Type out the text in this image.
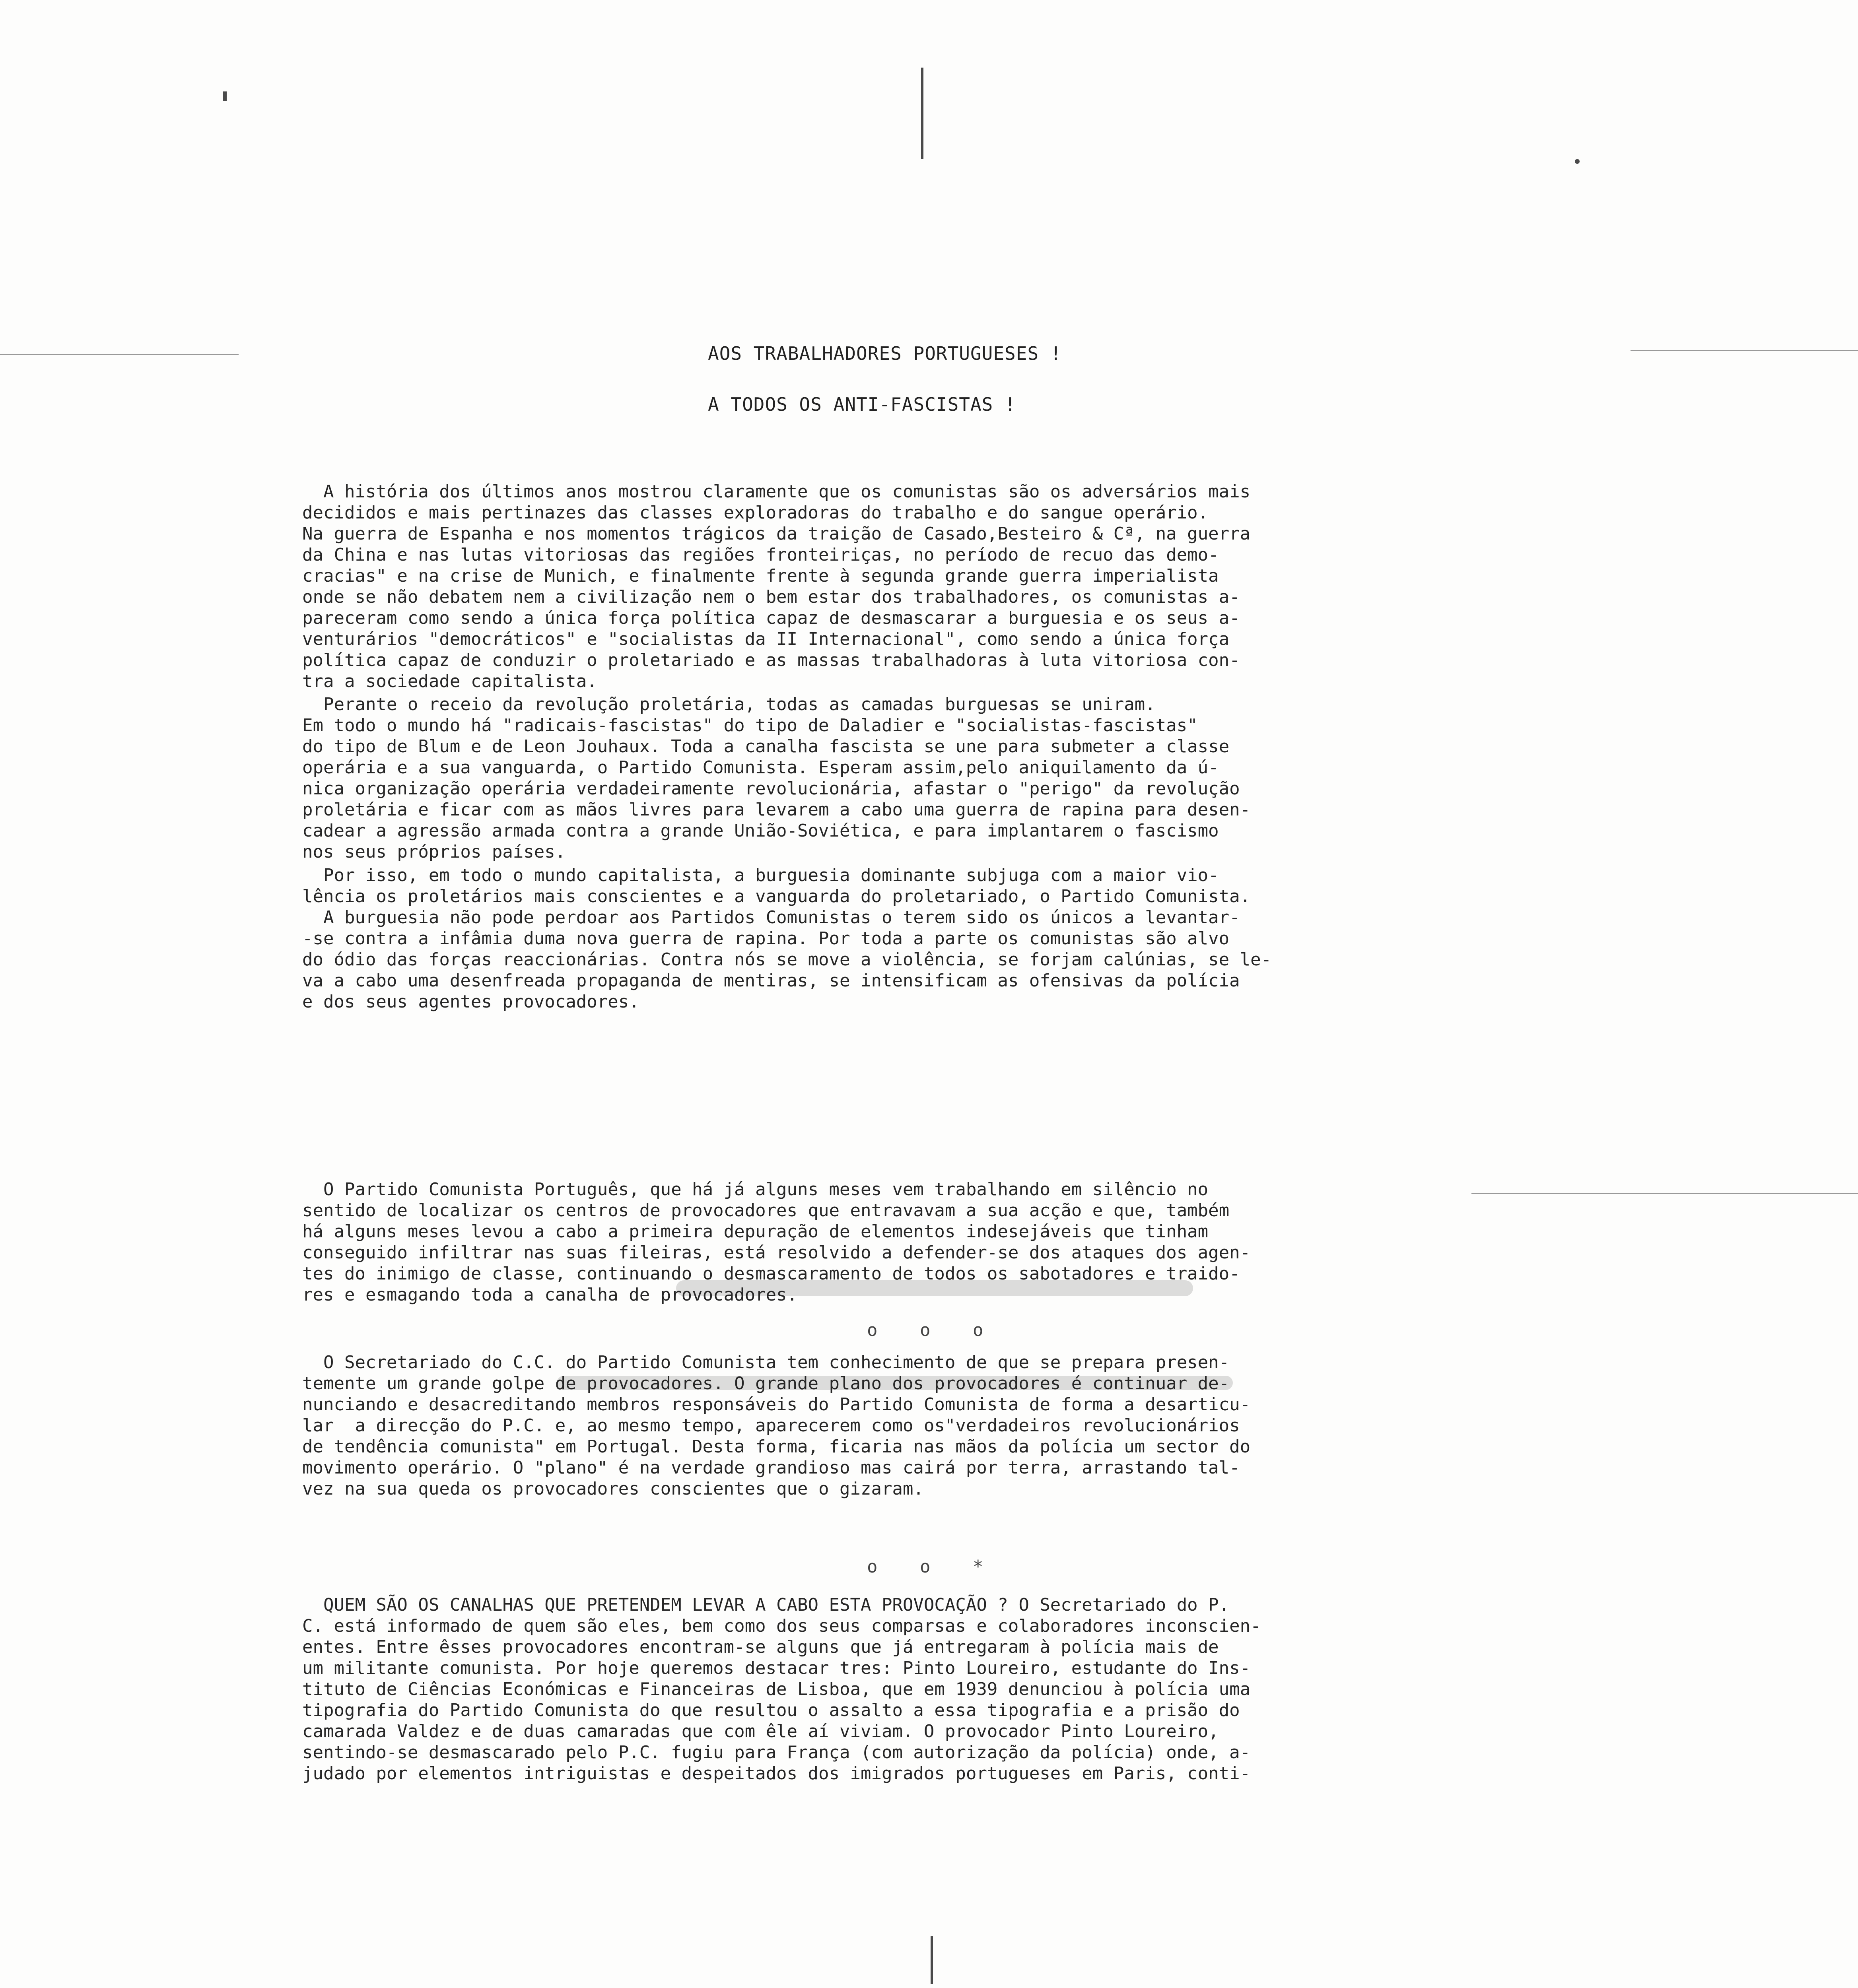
AOS TRABALHADORES PORTUGUESES !
A TODOS OS ANTI-FASCISTAS !
A história dos últimos anos mostrou claramente que os comunistas são os adversários mais
decididos e mais pertinazes das classes exploradoras do trabalho e do sangue operário.
Na guerra de Espanha e nos momentos trágicos da traição de Casado,Besteiro & Cª, na guerra
da China e nas lutas vitoriosas das regiões fronteiriças, no período de recuo das demo-
cracias" e na crise de Munich, e finalmente frente à segunda grande guerra imperialista
onde se não debatem nem a civilização nem o bem estar dos trabalhadores, os comunistas a-
pareceram como sendo a única força política capaz de desmascarar a burguesia e os seus a-
venturários "democráticos" e "socialistas da II Internacional", como sendo a única força
política capaz de conduzir o proletariado e as massas trabalhadoras à luta vitoriosa con-
tra a sociedade capitalista.
Perante o receio da revolução proletária, todas as camadas burguesas se uniram.
Em todo o mundo há "radicais-fascistas" do tipo de Daladier e "socialistas-fascistas"
do tipo de Blum e de Leon Jouhaux. Toda a canalha fascista se une para submeter a classe
operária e a sua vanguarda, o Partido Comunista. Esperam assim,pelo aniquilamento da ú-
nica organização operária verdadeiramente revolucionária, afastar o "perigo" da revolução
proletária e ficar com as mãos livres para levarem a cabo uma guerra de rapina para desen-
cadear a agressão armada contra a grande União-Soviética, e para implantarem o fascismo
nos seus próprios países.
Por isso, em todo o mundo capitalista, a burguesia dominante subjuga com a maior vio-
lência os proletários mais conscientes e a vanguarda do proletariado, o Partido Comunista.
A burguesia não pode perdoar aos Partidos Comunistas o terem sido os únicos a levantar-
-se contra a infâmia duma nova guerra de rapina. Por toda a parte os comunistas são alvo
do ódio das forças reaccionárias. Contra nós se move a violência, se forjam calúnias, se le-
va a cabo uma desenfreada propaganda de mentiras, se intensificam as ofensivas da polícia
e dos seus agentes provocadores.
O Partido Comunista Português, que há já alguns meses vem trabalhando em silêncio no
sentido de localizar os centros de provocadores que entravavam a sua acção e que, também
há alguns meses levou a cabo a primeira depuração de elementos indesejáveis que tinham
conseguido infiltrar nas suas fileiras, está resolvido a defender-se dos ataques dos agen-
tes do inimigo de classe, continuando o desmascaramento de todos os sabotadores e traido-
res e esmagando toda a canalha de provocadores.
o o o
O Secretariado do C.C. do Partido Comunista tem conhecimento de que se prepara presen-
temente um grande golpe de provocadores. O grande plano dos provocadores é continuar de-
nunciando e desacreditando membros responsáveis do Partido Comunista de forma a desarticu-
lar  a direcção do P.C. e, ao mesmo tempo, aparecerem como os"verdadeiros revolucionários
de tendência comunista" em Portugal. Desta forma, ficaria nas mãos da polícia um sector do
movimento operário. O "plano" é na verdade grandioso mas cairá por terra, arrastando tal-
vez na sua queda os provocadores conscientes que o gizaram.
o o *
QUEM SÃO OS CANALHAS QUE PRETENDEM LEVAR A CABO ESTA PROVOCAÇÃO ? O Secretariado do P.
C. está informado de quem são eles, bem como dos seus comparsas e colaboradores inconscien-
entes. Entre êsses provocadores encontram-se alguns que já entregaram à polícia mais de
um militante comunista. Por hoje queremos destacar tres: Pinto Loureiro, estudante do Ins-
tituto de Ciências Económicas e Financeiras de Lisboa, que em 1939 denunciou à polícia uma
tipografia do Partido Comunista do que resultou o assalto a essa tipografia e a prisão do
camarada Valdez e de duas camaradas que com êle aí viviam. O provocador Pinto Loureiro,
sentindo-se desmascarado pelo P.C. fugiu para França (com autorização da polícia) onde, a-
judado por elementos intriguistas e despeitados dos imigrados portugueses em Paris, conti-
